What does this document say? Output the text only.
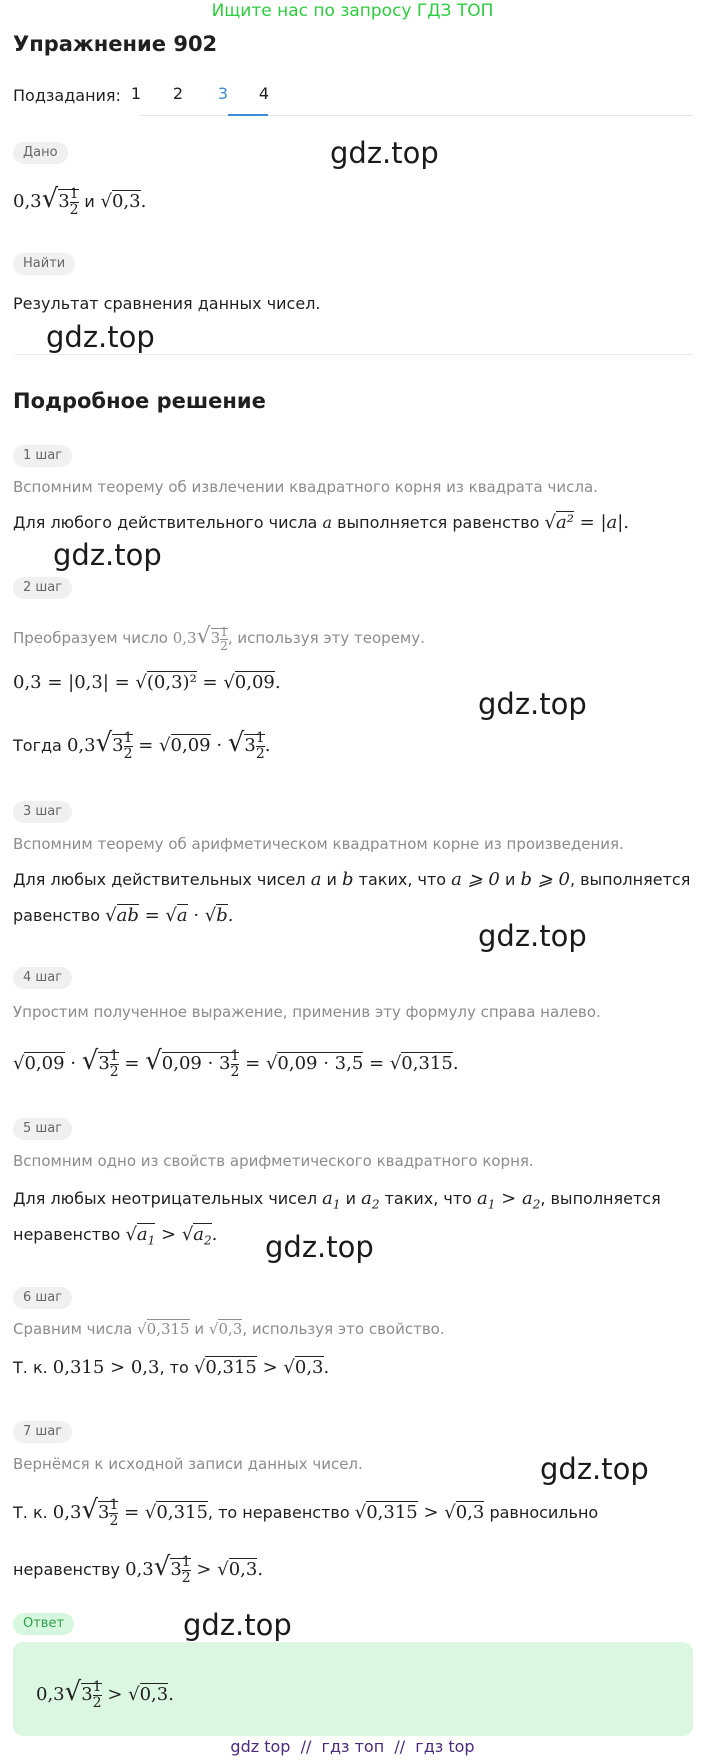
Ищите нас по запросу ГДЗ ТОП
Упражнение 902
Подзадания: 1	2	3	4
Дано
$0,3√3 \frac{1}{2}$ и √0,3.
gdz.top
Найти
Результат сравнения данных чисел.
gdz.top
Подробное решение
1 шаг
Вспомним теорему об извлечении квадратного корня из квадрата числа.
Для любого действительного числа a выполняется равенство √a² = |a|.
gdz.top
2 шаг
Преобразуем число $0,3√3 \frac{1}{2}$ , используя эту теорему.
0,3 = |0,3| = √(0,3)² = √0,09.
Тогда $0,3√3 \frac{1}{2} = √0,09 \cdot √3 \frac{1}{2}$ .
gdz.top
3 шаг
Вспомним теорему об арифметическом квадратном корне из произведения.
Для любых действительных чисел a и b таких, что a ⩾ 0 и b ⩾ 0, выполняется
равенство √ab = √a · √b.
gdz.top
4 шаг
Упростим полученное выражение, применив эту формулу справа налево.
$√0,09 \cdot √3 \frac{1}{2} = √0,09 \cdot 3 \frac{1}{2} = √0,09 \cdot 3,5 = √0,315$.
5 шаг
Вспомним одно из свойств арифметического квадратного корня.
Для любых неотрицательных чисел $a_1$ и $a_2$ таких, что $a_1 > a_2$, выполняется
неравенство $√a_1 > √a_2$. gdz.top
6 шаг
Сравним числа √0,315 и √0,3, используя это свойство.
Т. к. 0,315 > 0,3, то √0,315 > √0,3.
7 шаг
Вернёмся к исходной записи данных чисел.	gdz.top
Т. к. $0,3√3 \frac{1}{2} = √0,315$, то неравенство √0,315 > √0,3 равносильно
неравенству $0,3√3 \frac{1}{2} > √0,3$.
Ответ	gdz.top
$0,3√3 \frac{1}{2} > √0,3$.
gdz top  //  гдз топ  //  гдз top
